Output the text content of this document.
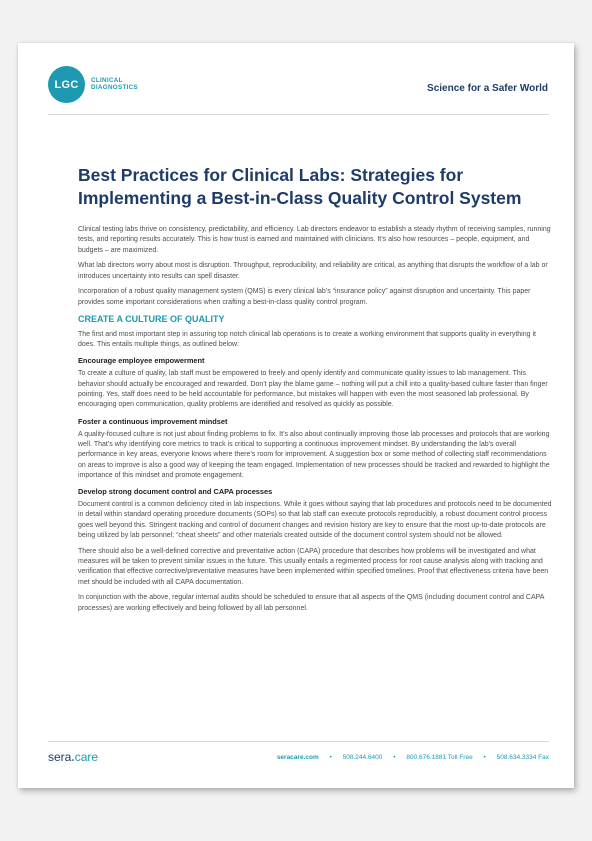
LGC	CLINICAL
DIAGNOSTICS	Science for a Safer World
Best Practices for Clinical Labs: Strategies for
Implementing a Best-in-Class Quality Control System

Clinical testing labs thrive on consistency, predictability, and efficiency. Lab directors endeavor to establish a steady rhythm of receiving samples, running tests, and reporting results accurately. This is how trust is earned and maintained with clinicians. It’s also how resources – people, equipment, and budgets – are maximized.

What lab directors worry about most is disruption. Throughput, reproducibility, and reliability are critical, as anything that disrupts the workflow of a lab or introduces uncertainty into results can spell disaster.

Incorporation of a robust quality management system (QMS) is every clinical lab’s “insurance policy” against disruption and uncertainty. This paper provides some important considerations when crafting a best-in-class quality control program.

CREATE A CULTURE OF QUALITY

The first and most important step in assuring top notch clinical lab operations is to create a working environment that supports quality in everything it does. This entails multiple things, as outlined below:

Encourage employee empowerment

To create a culture of quality, lab staff must be empowered to freely and openly identify and communicate quality issues to lab management. This behavior should actually be encouraged and rewarded. Don’t play the blame game – nothing will put a chill into a quality-based culture faster than finger pointing. Yes, staff does need to be held accountable for performance, but mistakes will happen with even the most seasoned lab professional. By encouraging open communication, quality problems are identified and resolved as quickly as possible.

Foster a continuous improvement mindset

A quality-focused culture is not just about finding problems to fix. It’s also about continually improving those lab processes and protocols that are working well. That’s why identifying core metrics to track is critical to supporting a continuous improvement mindset. By understanding the lab’s overall performance in key areas, everyone knows where there’s room for improvement. A suggestion box or some method of collecting staff recommendations on areas to improve is also a good way of keeping the team engaged. Implementation of new processes should be tracked and rewarded to highlight the importance of this mindset and promote engagement.

Develop strong document control and CAPA processes

Document control is a common deficiency cited in lab inspections. While it goes without saying that lab procedures and protocols need to be documented in detail within standard operating procedure documents (SOPs) so that lab staff can execute protocols reproducibly, a robust document control process goes well beyond this. Stringent tracking and control of document changes and revision history are key to ensure that the most up-to-date protocols are being utilized by lab personnel; “cheat sheets” and other materials created outside of the document control system should not be allowed.

There should also be a well-defined corrective and preventative action (CAPA) procedure that describes how problems will be investigated and what measures will be taken to prevent similar issues in the future. This usually entails a regimented process for root cause analysis along with tracking and verification that effective corrective/preventative measures have been implemented within specified timelines. Proof that effectiveness criteria have been met should be included with all CAPA documentation.

In conjunction with the above, regular internal audits should be scheduled to ensure that all aspects of the QMS (including document control and CAPA processes) are working effectively and being followed by all lab personnel.

sera.care	seracare.com • 508.244.6400 • 800.676.1881 Toll Free • 508.634.3334 Fax
